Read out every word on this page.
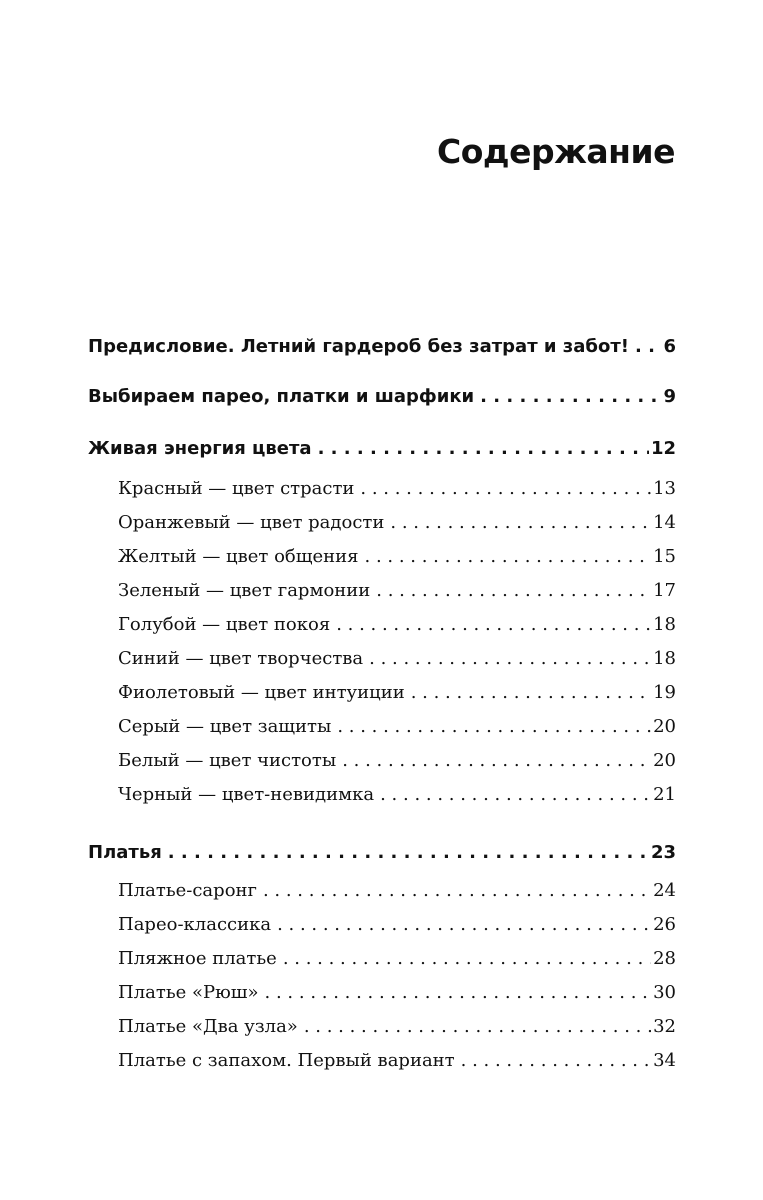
Содержание
Предисловие. Летний гардероб без затрат и забот! . . .	6
Выбираем парео, платки и шарфики . . .	9
Живая энергия цвета . . .	12
Красный — цвет страсти . . .	13
Оранжевый — цвет радости . . .	14
Желтый — цвет общения . . .	15
Зеленый — цвет гармонии . . .	17
Голубой — цвет покоя . . .	18
Синий — цвет творчества . . .	18
Фиолетовый — цвет интуиции . . .	19
Серый — цвет защиты . . .	20
Белый — цвет чистоты . . .	20
Черный — цвет-невидимка . . .	21
Платья . . .	23
Платье-саронг . . .	24
Парео-классика . . .	26
Пляжное платье . . .	28
Платье «Рюш» . . .	30
Платье «Два узла» . . .	32
Платье с запахом. Первый вариант . . .	34
